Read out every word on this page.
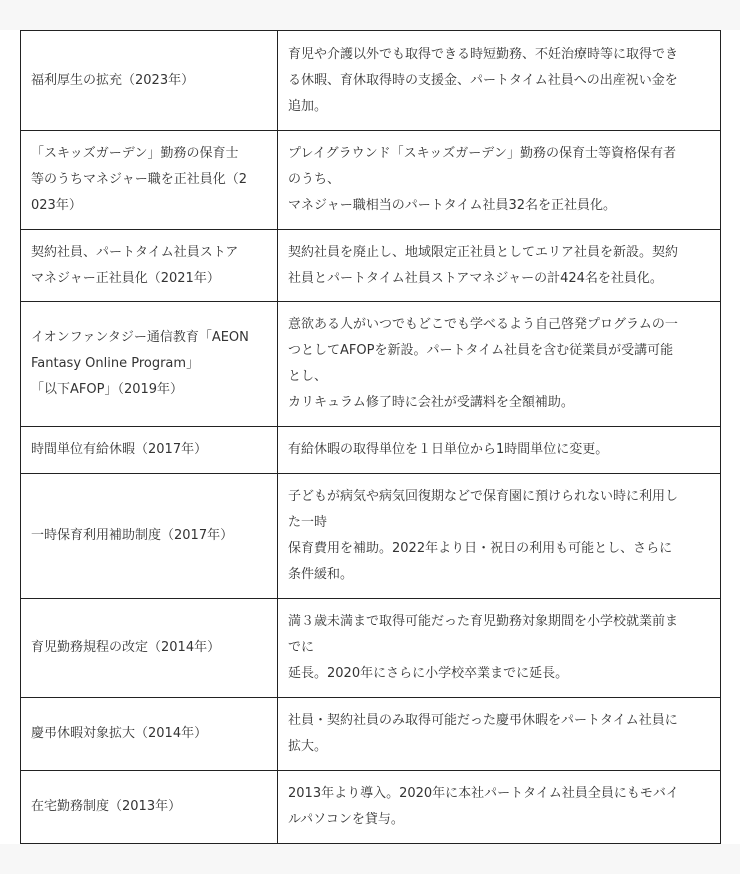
福利厚生の拡充（2023年）	育児や介護以外でも取得できる時短勤務、不妊治療時等に取得でき
る休暇、育休取得時の支援金、パートタイム社員への出産祝い金を
追加。

「スキッズガーデン」勤務の保育士
等のうちマネジャー職を正社員化（2
023年）	プレイグラウンド「スキッズガーデン」勤務の保育士等資格保有者
のうち、
マネジャー職相当のパートタイム社員32名を正社員化。

契約社員、パートタイム社員ストア
マネジャー正社員化（2021年）	契約社員を廃止し、地域限定正社員としてエリア社員を新設。契約
社員とパートタイム社員ストアマネジャーの計424名を社員化。

イオンファンタジー通信教育「AEON
Fantasy Online Program」
「以下AFOP」（2019年）	意欲ある人がいつでもどこでも学べるよう自己啓発プログラムの一
つとしてAFOPを新設。パートタイム社員を含む従業員が受講可能
とし、
カリキュラム修了時に会社が受講料を全額補助。

時間単位有給休暇（2017年）	有給休暇の取得単位を１日単位から1時間単位に変更。

一時保育利用補助制度（2017年）	子どもが病気や病気回復期などで保育園に預けられない時に利用し
た一時
保育費用を補助。2022年より日・祝日の利用も可能とし、さらに
条件緩和。

育児勤務規程の改定（2014年）	満３歳未満まで取得可能だった育児勤務対象期間を小学校就業前ま
でに
延長。2020年にさらに小学校卒業までに延長。

慶弔休暇対象拡大（2014年）	社員・契約社員のみ取得可能だった慶弔休暇をパートタイム社員に
拡大。

在宅勤務制度（2013年）	2013年より導入。2020年に本社パートタイム社員全員にもモバイ
ルパソコンを貸与。
